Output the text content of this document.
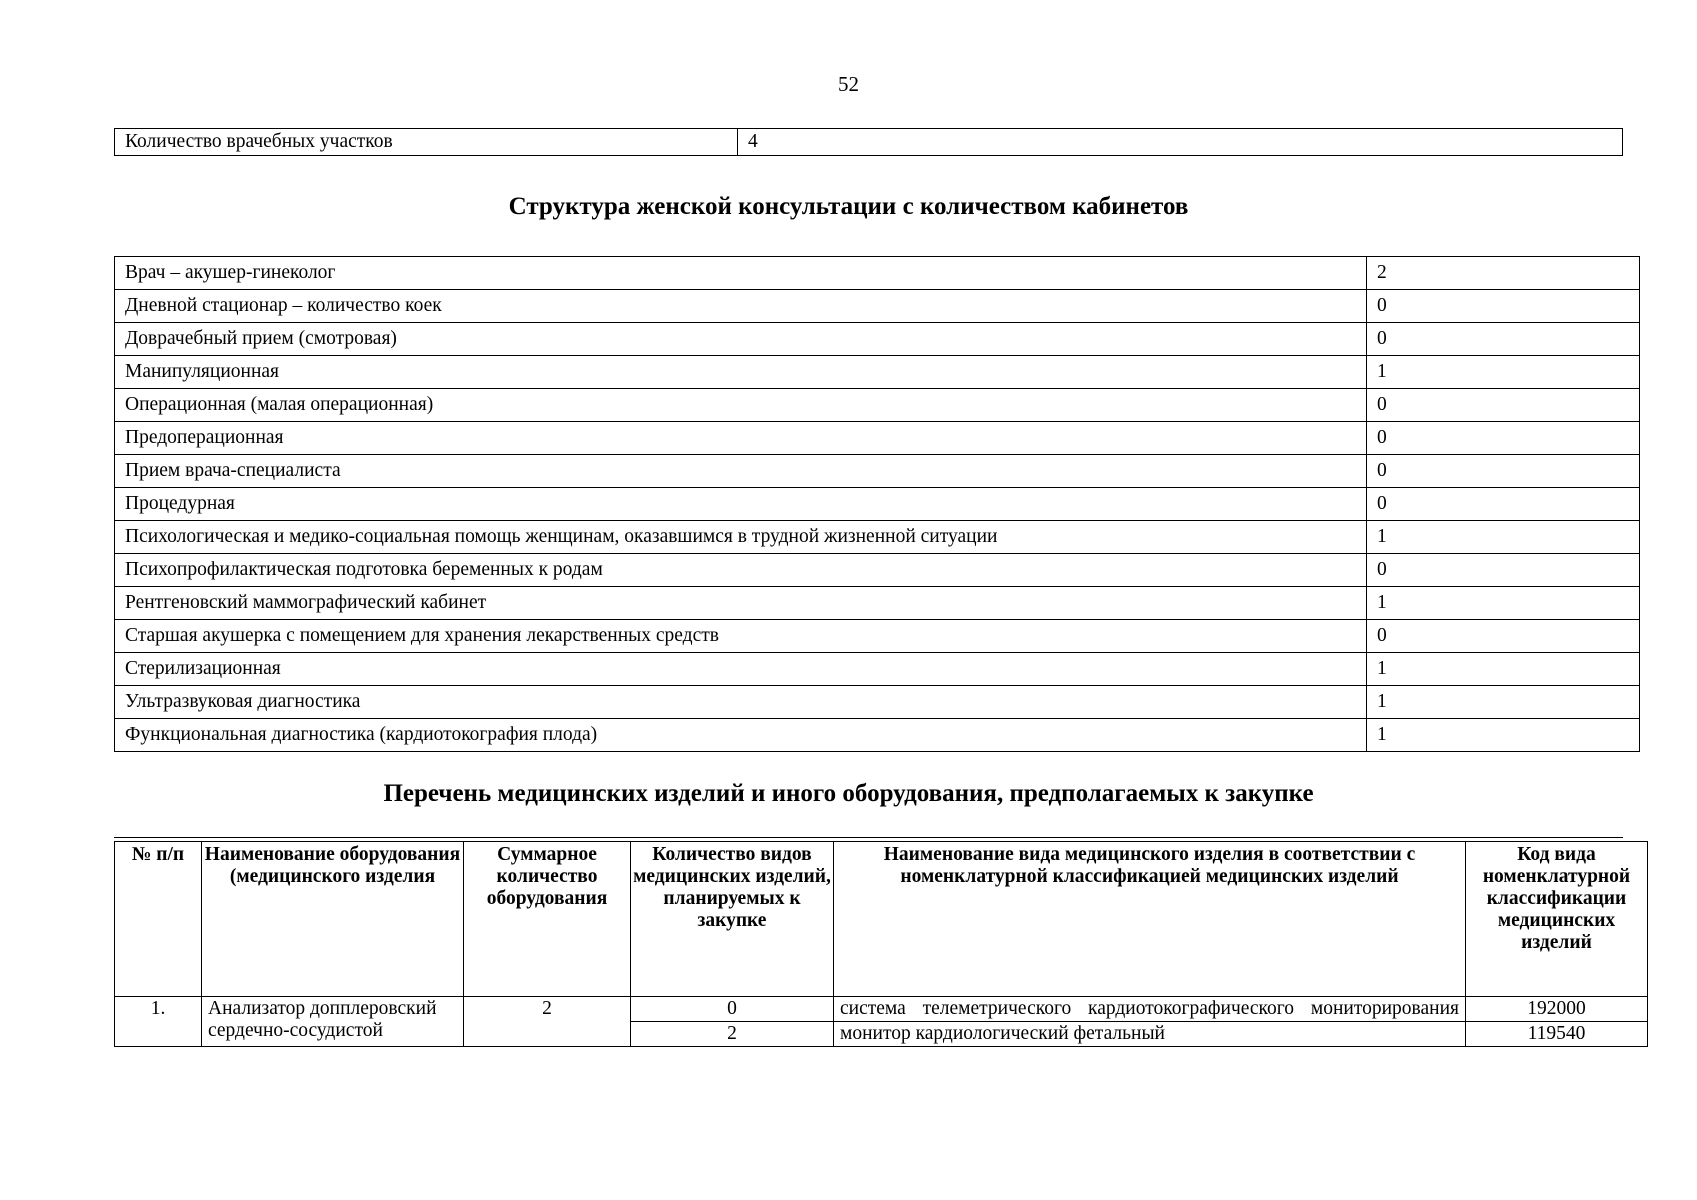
52
Количество врачебных участков	4
Структура женской консультации с количеством кабинетов
Врач – акушер-гинеколог	2
Дневной стационар – количество коек	0
Доврачебный прием (смотровая)	0
Манипуляционная	1
Операционная (малая операционная)	0
Предоперационная	0
Прием врача-специалиста	0
Процедурная	0
Психологическая и медико-социальная помощь женщинам, оказавшимся в трудной жизненной ситуации	1
Психопрофилактическая подготовка беременных к родам	0
Рентгеновский маммографический кабинет	1
Старшая акушерка с помещением для хранения лекарственных средств	0
Стерилизационная	1
Ультразвуковая диагностика	1
Функциональная диагностика (кардиотокография плода)	1
Перечень медицинских изделий и иного оборудования, предполагаемых к закупке
№ п/п	Наименование оборудования (медицинского изделия	Суммарное количество оборудования	Количество видов медицинских изделий, планируемых к закупке	Наименование вида медицинского изделия в соответствии с номенклатурной классификацией медицинских изделий	Код вида номенклатурной классификации медицинских изделий
1.	Анализатор допплеровский сердечно-сосудистой	2	0	система телеметрического кардиотокографического мониторирования	192000
			2	монитор кардиологический фетальный	119540
